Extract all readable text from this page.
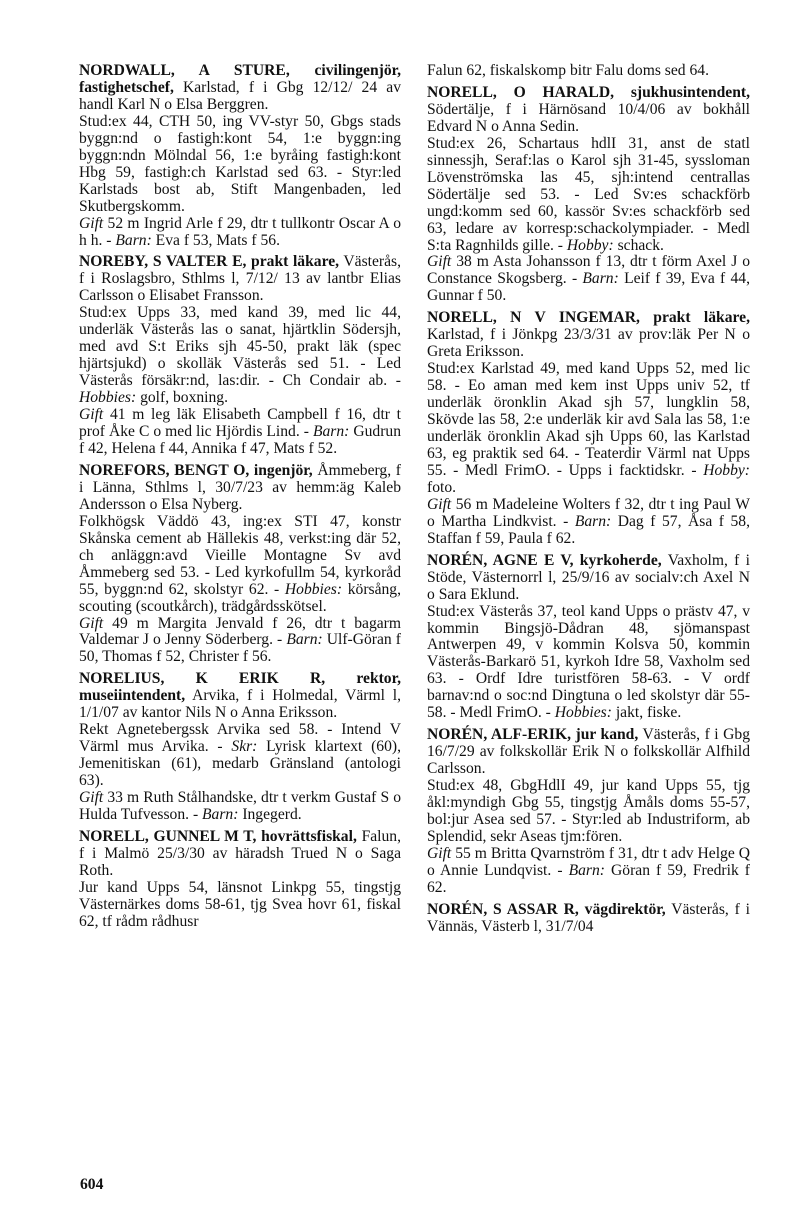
NORDWALL, A STURE, civilingenjör, fastighetschef, Karlstad, f i Gbg 12/12/ 24 av handl Karl N o Elsa Berggren.

Stud:ex 44, CTH 50, ing VV-styr 50, Gbgs stads byggn:nd o fastigh:kont 54, 1:e byggn:ing byggn:ndn Mölndal 56, 1:e byråing fastigh:kont Hbg 59, fastigh:ch Karlstad sed 63. - Styr:led Karlstads bost ab, Stift Mangenbaden, led Skutbergskomm.

Gift 52 m Ingrid Arle f 29, dtr t tullkontr Oscar A o h h. - Barn: Eva f 53, Mats f 56.

NOREBY, S VALTER E, prakt läkare, Västerås, f i Roslagsbro, Sthlms l, 7/12/ 13 av lantbr Elias Carlsson o Elisabet Fransson.

Stud:ex Upps 33, med kand 39, med lic 44, underläk Västerås las o sanat, hjärtklin Södersjh, med avd S:t Eriks sjh 45-50, prakt läk (spec hjärtsjukd) o skolläk Västerås sed 51. - Led Västerås försäkr:nd, las:dir. - Ch Condair ab. - Hobbies: golf, boxning.

Gift 41 m leg läk Elisabeth Campbell f 16, dtr t prof Åke C o med lic Hjördis Lind. - Barn: Gudrun f 42, Helena f 44, Annika f 47, Mats f 52.

NOREFORS, BENGT O, ingenjör, Åmmeberg, f i Länna, Sthlms l, 30/7/23 av hemm:äg Kaleb Andersson o Elsa Nyberg.

Folkhögsk Väddö 43, ing:ex STI 47, konstr Skånska cement ab Hällekis 48, verkst:ing där 52, ch anläggn:avd Vieille Montagne Sv avd Åmmeberg sed 53. - Led kyrkofullm 54, kyrkoråd 55, byggn:nd 62, skolstyr 62. - Hobbies: körsång, scouting (scoutkårch), trädgårdsskötsel.

Gift 49 m Margita Jenvald f 26, dtr t bagarm Valdemar J o Jenny Söderberg. - Barn: Ulf-Göran f 50, Thomas f 52, Christer f 56.

NORELIUS, K ERIK R, rektor, museiintendent, Arvika, f i Holmedal, Värml l, 1/1/07 av kantor Nils N o Anna Eriksson.

Rekt Agnetebergssk Arvika sed 58. - Intend V Värml mus Arvika. - Skr: Lyrisk klartext (60), Jemenitiskan (61), medarb Gränsland (antologi 63).

Gift 33 m Ruth Stålhandske, dtr t verkm Gustaf S o Hulda Tufvesson. - Barn: Ingegerd.

NORELL, GUNNEL M T, hovrättsfiskal, Falun, f i Malmö 25/3/30 av häradsh Trued N o Saga Roth.

Jur kand Upps 54, länsnot Linkpg 55, tingstjg Västernärkes doms 58-61, tjg Svea hovr 61, fiskal 62, tf rådm rådhusr

Falun 62, fiskalskomp bitr Falu doms sed 64.

NORELL, O HARALD, sjukhusintendent, Södertälje, f i Härnösand 10/4/06 av bokhåll Edvard N o Anna Sedin.

Stud:ex 26, Schartaus hdlI 31, anst de statl sinnessjh, Seraf:las o Karol sjh 31-45, syssloman Lövenströmska las 45, sjh:intend centrallas Södertälje sed 53. - Led Sv:es schackförb ungd:komm sed 60, kassör Sv:es schackförb sed 63, ledare av korresp:schackolympiader. - Medl S:ta Ragnhilds gille. - Hobby: schack.

Gift 38 m Asta Johansson f 13, dtr t förm Axel J o Constance Skogsberg. - Barn: Leif f 39, Eva f 44, Gunnar f 50.

NORELL, N V INGEMAR, prakt läkare, Karlstad, f i Jönkpg 23/3/31 av prov:läk Per N o Greta Eriksson.

Stud:ex Karlstad 49, med kand Upps 52, med lic 58. - Eo aman med kem inst Upps univ 52, tf underläk öronklin Akad sjh 57, lungklin 58, Skövde las 58, 2:e underläk kir avd Sala las 58, 1:e underläk öronklin Akad sjh Upps 60, las Karlstad 63, eg praktik sed 64. - Teaterdir Värml nat Upps 55. - Medl FrimO. - Upps i facktidskr. - Hobby: foto.

Gift 56 m Madeleine Wolters f 32, dtr t ing Paul W o Martha Lindkvist. - Barn: Dag f 57, Åsa f 58, Staffan f 59, Paula f 62.

NORÉN, AGNE E V, kyrkoherde, Vaxholm, f i Stöde, Västernorrl l, 25/9/16 av socialv:ch Axel N o Sara Eklund.

Stud:ex Västerås 37, teol kand Upps o prästv 47, v kommin Bingsjö-Dådran 48, sjömanspast Antwerpen 49, v kommin Kolsva 50, kommin Västerås-Barkarö 51, kyrkoh Idre 58, Vaxholm sed 63. - Ordf Idre turistfören 58-63. - V ordf barnav:nd o soc:nd Dingtuna o led skolstyr där 55-58. - Medl FrimO. - Hobbies: jakt, fiske.

NORÉN, ALF-ERIK, jur kand, Västerås, f i Gbg 16/7/29 av folkskollär Erik N o folkskollär Alfhild Carlsson.

Stud:ex 48, GbgHdlI 49, jur kand Upps 55, tjg åkl:myndigh Gbg 55, tingstjg Åmåls doms 55-57, bol:jur Asea sed 57. - Styr:led ab Industriform, ab Splendid, sekr Aseas tjm:fören.

Gift 55 m Britta Qvarnström f 31, dtr t adv Helge Q o Annie Lundqvist. - Barn: Göran f 59, Fredrik f 62.

NORÉN, S ASSAR R, vägdirektör, Västerås, f i Vännäs, Västerb l, 31/7/04

604
